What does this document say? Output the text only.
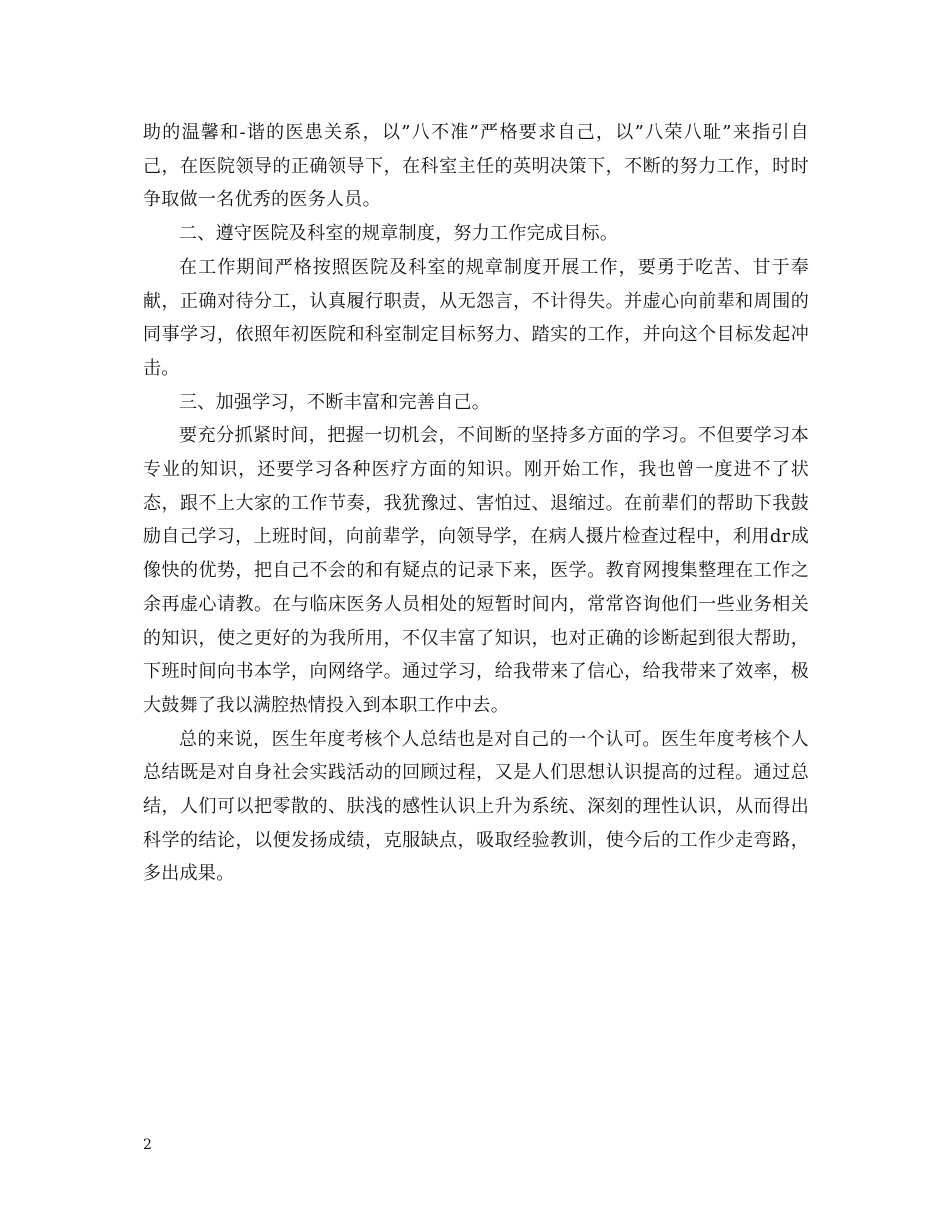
助的温馨和-谐的医患关系，以”八不准”严格要求自己，以”八荣八耻”来指引自己，在医院领导的正确领导下，在科室主任的英明决策下，不断的努力工作，时时争取做一名优秀的医务人员。

二、遵守医院及科室的规章制度，努力工作完成目标。

在工作期间严格按照医院及科室的规章制度开展工作，要勇于吃苦、甘于奉献，正确对待分工，认真履行职责，从无怨言，不计得失。并虚心向前辈和周围的同事学习，依照年初医院和科室制定目标努力、踏实的工作，并向这个目标发起冲击。

三、加强学习，不断丰富和完善自己。

要充分抓紧时间，把握一切机会，不间断的坚持多方面的学习。不但要学习本专业的知识，还要学习各种医疗方面的知识。刚开始工作，我也曾一度进不了状态，跟不上大家的工作节奏，我犹豫过、害怕过、退缩过。在前辈们的帮助下我鼓励自己学习，上班时间，向前辈学，向领导学，在病人摄片检查过程中，利用dr成像快的优势，把自己不会的和有疑点的记录下来，医学。教育网搜集整理在工作之余再虚心请教。在与临床医务人员相处的短暂时间内，常常咨询他们一些业务相关的知识，使之更好的为我所用，不仅丰富了知识，也对正确的诊断起到很大帮助，下班时间向书本学，向网络学。通过学习，给我带来了信心，给我带来了效率，极大鼓舞了我以满腔热情投入到本职工作中去。

总的来说，医生年度考核个人总结也是对自己的一个认可。医生年度考核个人总结既是对自身社会实践活动的回顾过程，又是人们思想认识提高的过程。通过总结，人们可以把零散的、肤浅的感性认识上升为系统、深刻的理性认识，从而得出科学的结论，以便发扬成绩，克服缺点，吸取经验教训，使今后的工作少走弯路，多出成果。

2
